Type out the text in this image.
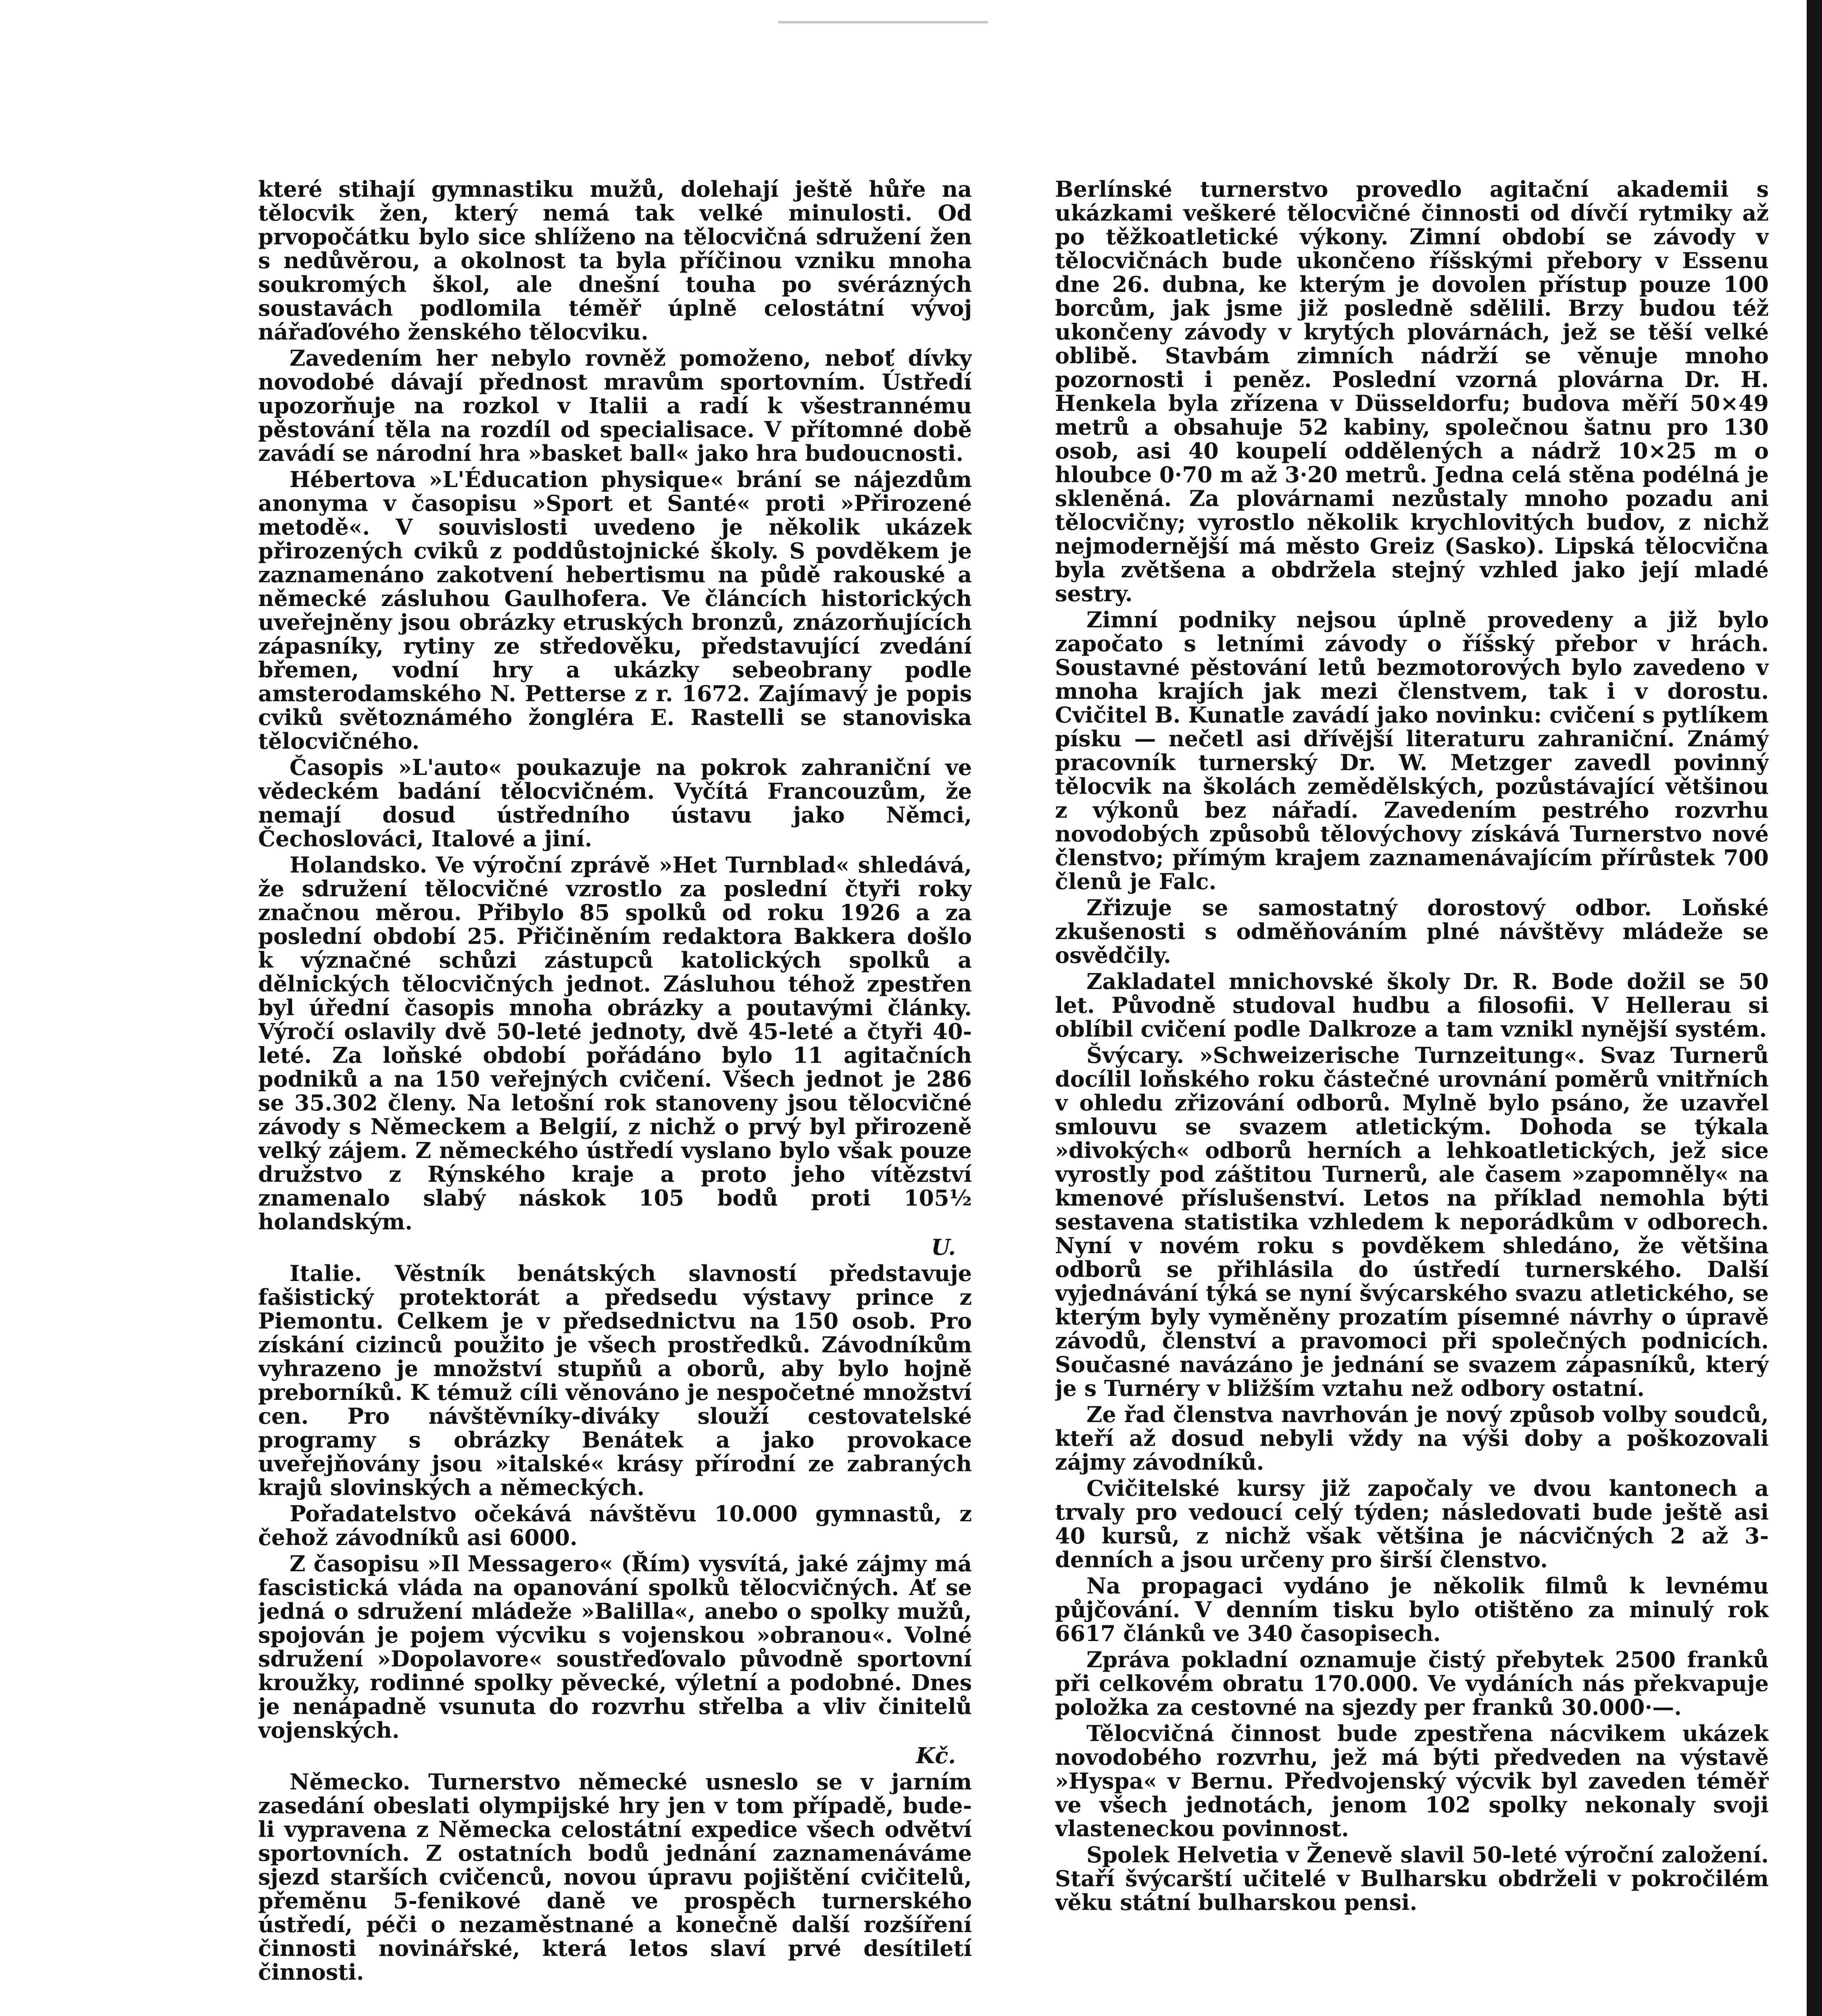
které stihají gymnastiku mužů, dolehají ještě hůře na tělocvik žen, který nemá tak velké minulosti. Od prvopočátku bylo sice shlíženo na tělocvičná sdružení žen s nedůvěrou, a okolnost ta byla příčinou vzniku mnoha soukromých škol, ale dnešní touha po svérázných soustavách podlomila téměř úplně celostátní vývoj nářaďového ženského tělocviku.

Zavedením her nebylo rovněž pomoženo, neboť dívky novodobé dávají přednost mravům sportovním. Ústředí upozorňuje na rozkol v Italii a radí k všestrannému pěstování těla na rozdíl od specialisace. V přítomné době zavádí se národní hra »basket ball« jako hra budoucnosti.

Hébertova »L'Éducation physique« brání se nájezdům anonyma v časopisu »Sport et Santé« proti »Přirozené metodě«. V souvislosti uvedeno je několik ukázek přirozených cviků z poddůstojnické školy. S povděkem je zaznamenáno zakotvení hebertismu na půdě rakouské a německé zásluhou Gaulhofera. Ve článcích historických uveřejněny jsou obrázky etruských bronzů, znázorňujících zápasníky, rytiny ze středověku, představující zvedání břemen, vodní hry a ukázky sebeobrany podle amsterodamského N. Petterse z r. 1672. Zajímavý je popis cviků světoznámého žongléra E. Rastelli se stanoviska tělocvičného.

Časopis »L'auto« poukazuje na pokrok zahraniční ve vědeckém badání tělocvičném. Vyčítá Francouzům, že nemají dosud ústředního ústavu jako Němci, Čechoslováci, Italové a jiní.

Holandsko. Ve výroční zprávě »Het Turnblad« shledává, že sdružení tělocvičné vzrostlo za poslední čtyři roky značnou měrou. Přibylo 85 spolků od roku 1926 a za poslední období 25. Přičiněním redaktora Bakkera došlo k význačné schůzi zástupců katolických spolků a dělnických tělocvičných jednot. Zásluhou téhož zpestřen byl úřední časopis mnoha obrázky a poutavými články. Výročí oslavily dvě 50-leté jednoty, dvě 45-leté a čtyři 40-leté. Za loňské období pořádáno bylo 11 agitačních podniků a na 150 veřejných cvičení. Všech jednot je 286 se 35.302 členy. Na letošní rok stanoveny jsou tělocvičné závody s Německem a Belgií, z nichž o prvý byl přirozeně velký zájem. Z německého ústředí vyslano bylo však pouze družstvo z Rýnského kraje a proto jeho vítězství znamenalo slabý náskok 105 bodů proti 105½ holandským.

U.

Italie. Věstník benátských slavností představuje fašistický protektorát a předsedu výstavy prince z Piemontu. Celkem je v předsednictvu na 150 osob. Pro získání cizinců použito je všech prostředků. Závodníkům vyhrazeno je množství stupňů a oborů, aby bylo hojně preborníků. K témuž cíli věnováno je nespočetné množství cen. Pro návštěvníky-diváky slouží cestovatelské programy s obrázky Benátek a jako provokace uveřejňovány jsou »italské« krásy přírodní ze zabraných krajů slovinských a německých.

Pořadatelstvo očekává návštěvu 10.000 gymnastů, z čehož závodníků asi 6000.

Z časopisu »Il Messagero« (Řím) vysvítá, jaké zájmy má fascistická vláda na opanování spolků tělocvičných. Ať se jedná o sdružení mládeže »Balilla«, anebo o spolky mužů, spojován je pojem výcviku s vojenskou »obranou«. Volné sdružení »Dopolavore« soustřeďovalo původně sportovní kroužky, rodinné spolky pěvecké, výletní a podobné. Dnes je nenápadně vsunuta do rozvrhu střelba a vliv činitelů vojenských.

Kč.

Německo. Turnerstvo německé usneslo se v jarním zasedání obeslati olympijské hry jen v tom případě, bude-li vypravena z Německa celostátní expedice všech odvětví sportovních. Z ostatních bodů jednání zaznamenáváme sjezd starších cvičenců, novou úpravu pojištění cvičitelů, přeměnu 5-fenikové daně ve prospěch turnerského ústředí, péči o nezaměstnané a konečně další rozšíření činnosti novinářské, která letos slaví prvé desítiletí činnosti.

Berlínské turnerstvo provedlo agitační akademii s ukázkami veškeré tělocvičné činnosti od dívčí rytmiky až po těžkoatletické výkony. Zimní období se závody v tělocvičnách bude ukončeno říšskými přebory v Essenu dne 26. dubna, ke kterým je dovolen přístup pouze 100 borcům, jak jsme již posledně sdělili. Brzy budou též ukončeny závody v krytých plovárnách, jež se těší velké oblibě. Stavbám zimních nádrží se věnuje mnoho pozornosti i peněz. Poslední vzorná plovárna Dr. H. Henkela byla zřízena v Düsseldorfu; budova měří 50×49 metrů a obsahuje 52 kabiny, společnou šatnu pro 130 osob, asi 40 koupelí oddělených a nádrž 10×25 m o hloubce 0·70 m až 3·20 metrů. Jedna celá stěna podélná je skleněná. Za plovárnami nezůstaly mnoho pozadu ani tělocvičny; vyrostlo několik krychlovitých budov, z nichž nejmodernější má město Greiz (Sasko). Lipská tělocvična byla zvětšena a obdržela stejný vzhled jako její mladé sestry.

Zimní podniky nejsou úplně provedeny a již bylo započato s letními závody o říšský přebor v hrách. Soustavné pěstování letů bezmotorových bylo zavedeno v mnoha krajích jak mezi členstvem, tak i v dorostu. Cvičitel B. Kunatle zavádí jako novinku: cvičení s pytlíkem písku — nečetl asi dřívější literaturu zahraniční. Známý pracovník turnerský Dr. W. Metzger zavedl povinný tělocvik na školách zemědělských, pozůstávající většinou z výkonů bez nářadí. Zavedením pestrého rozvrhu novodobých způsobů tělovýchovy získává Turnerstvo nové členstvo; přímým krajem zaznamenávajícím přírůstek 700 členů je Falc.

Zřizuje se samostatný dorostový odbor. Loňské zkušenosti s odměňováním plné návštěvy mládeže se osvědčily.

Zakladatel mnichovské školy Dr. R. Bode dožil se 50 let. Původně studoval hudbu a filosofii. V Hellerau si oblíbil cvičení podle Dalkroze a tam vznikl nynější systém.

Švýcary. »Schweizerische Turnzeitung«. Svaz Turnerů docílil loňského roku částečné urovnání poměrů vnitřních v ohledu zřizování odborů. Mylně bylo psáno, že uzavřel smlouvu se svazem atletickým. Dohoda se týkala »divokých« odborů herních a lehkoatletických, jež sice vyrostly pod záštitou Turnerů, ale časem »zapomněly« na kmenové příslušenství. Letos na příklad nemohla býti sestavena statistika vzhledem k neporádkům v odborech. Nyní v novém roku s povděkem shledáno, že většina odborů se přihlásila do ústředí turnerského. Další vyjednávání týká se nyní švýcarského svazu atletického, se kterým byly vyměněny prozatím písemné návrhy o úpravě závodů, členství a pravomoci při společných podnicích. Současné navázáno je jednání se svazem zápasníků, který je s Turnéry v bližším vztahu než odbory ostatní.

Ze řad členstva navrhován je nový způsob volby soudců, kteří až dosud nebyli vždy na výši doby a poškozovali zájmy závodníků.

Cvičitelské kursy již započaly ve dvou kantonech a trvaly pro vedoucí celý týden; následovati bude ještě asi 40 kursů, z nichž však většina je nácvičných 2 až 3-denních a jsou určeny pro širší členstvo.

Na propagaci vydáno je několik filmů k levnému půjčování. V denním tisku bylo otištěno za minulý rok 6617 článků ve 340 časopisech.

Zpráva pokladní oznamuje čistý přebytek 2500 franků při celkovém obratu 170.000. Ve vydáních nás překvapuje položka za cestovné na sjezdy per franků 30.000·—.

Tělocvičná činnost bude zpestřena nácvikem ukázek novodobého rozvrhu, jež má býti předveden na výstavě »Hyspa« v Bernu. Předvojenský výcvik byl zaveden téměř ve všech jednotách, jenom 102 spolky nekonaly svoji vlasteneckou povinnost.

Spolek Helvetia v Ženevě slavil 50-leté výroční založení. Staří švýcarští učitelé v Bulharsku obdrželi v pokročilém věku státní bulharskou pensi.
